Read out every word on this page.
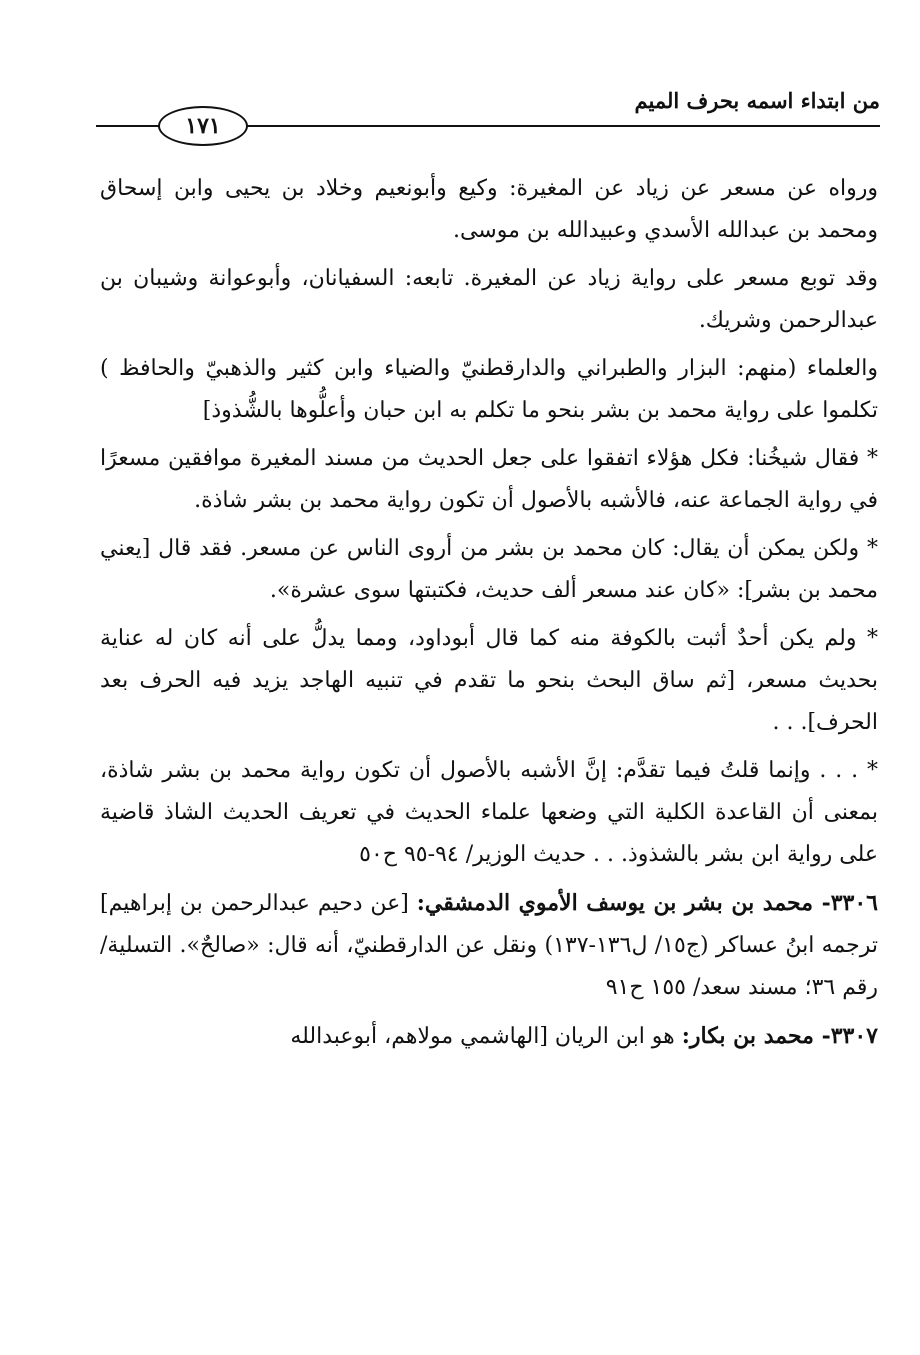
من ابتداء اسمه بحرف الميم
١٧١

ورواه عن مسعر عن زياد عن المغيرة: وكيع وأبونعيم وخلاد بن يحيى وابن إسحاق ومحمد بن عبدالله الأسدي وعبيدالله بن موسى.

وقد توبع مسعر على رواية زياد عن المغيرة. تابعه: السفيانان، وأبوعوانة وشيبان بن عبدالرحمن وشريك.

والعلماء (منهم: البزار والطبراني والدارقطنيّ والضياء وابن كثير والذهبيّ والحافظ ) تكلموا على رواية محمد بن بشر بنحو ما تكلم به ابن حبان وأعلُّوها بالشُّذوذ]

* فقال شيخُنا: فكل هؤلاء اتفقوا على جعل الحديث من مسند المغيرة موافقين مسعرًا في رواية الجماعة عنه، فالأشبه بالأصول أن تكون رواية محمد بن بشر شاذة.

* ولكن يمكن أن يقال: كان محمد بن بشر من أروى الناس عن مسعر. فقد قال [يعني محمد بن بشر]: «كان عند مسعر ألف حديث، فكتبتها سوى عشرة».

* ولم يكن أحدٌ أثبت بالكوفة منه كما قال أبوداود، ومما يدلُّ على أنه كان له عناية بحديث مسعر، [ثم ساق البحث بنحو ما تقدم في تنبيه الهاجد يزيد فيه الحرف بعد الحرف]. . .

* . . . وإنما قلتُ فيما تقدَّم: إنَّ الأشبه بالأصول أن تكون رواية محمد بن بشر شاذة، بمعنى أن القاعدة الكلية التي وضعها علماء الحديث في تعريف الحديث الشاذ قاضية على رواية ابن بشر بالشذوذ. . . حديث الوزير/ ٩٤-٩٥ ح٥٠

٣٣٠٦- محمد بن بشر بن يوسف الأموي الدمشقي: [عن دحيم عبدالرحمن بن إبراهيم] ترجمه ابنُ عساكر (ج١٥/ ل١٣٦-١٣٧) ونقل عن الدارقطنيّ، أنه قال: «صالحٌ». التسلية/ رقم ٣٦؛ مسند سعد/ ١٥٥ ح٩١

٣٣٠٧- محمد بن بكار: هو ابن الريان [الهاشمي مولاهم، أبوعبدالله
